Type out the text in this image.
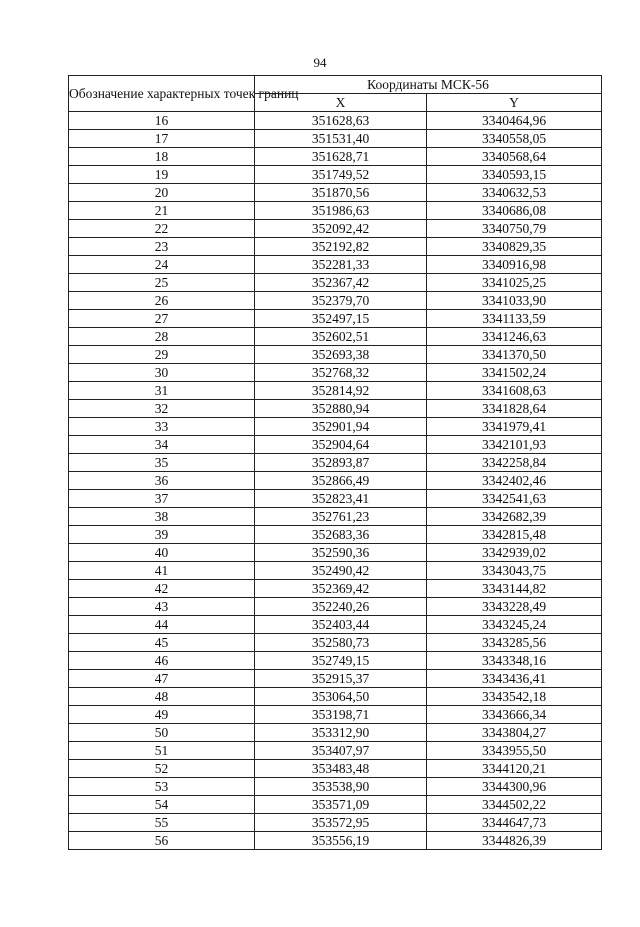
94
Обозначение характерных точек границ	Координаты МСК-56	
	X	Y
16	351628,63	3340464,96
17	351531,40	3340558,05
18	351628,71	3340568,64
19	351749,52	3340593,15
20	351870,56	3340632,53
21	351986,63	3340686,08
22	352092,42	3340750,79
23	352192,82	3340829,35
24	352281,33	3340916,98
25	352367,42	3341025,25
26	352379,70	3341033,90
27	352497,15	3341133,59
28	352602,51	3341246,63
29	352693,38	3341370,50
30	352768,32	3341502,24
31	352814,92	3341608,63
32	352880,94	3341828,64
33	352901,94	3341979,41
34	352904,64	3342101,93
35	352893,87	3342258,84
36	352866,49	3342402,46
37	352823,41	3342541,63
38	352761,23	3342682,39
39	352683,36	3342815,48
40	352590,36	3342939,02
41	352490,42	3343043,75
42	352369,42	3343144,82
43	352240,26	3343228,49
44	352403,44	3343245,24
45	352580,73	3343285,56
46	352749,15	3343348,16
47	352915,37	3343436,41
48	353064,50	3343542,18
49	353198,71	3343666,34
50	353312,90	3343804,27
51	353407,97	3343955,50
52	353483,48	3344120,21
53	353538,90	3344300,96
54	353571,09	3344502,22
55	353572,95	3344647,73
56	353556,19	3344826,39
